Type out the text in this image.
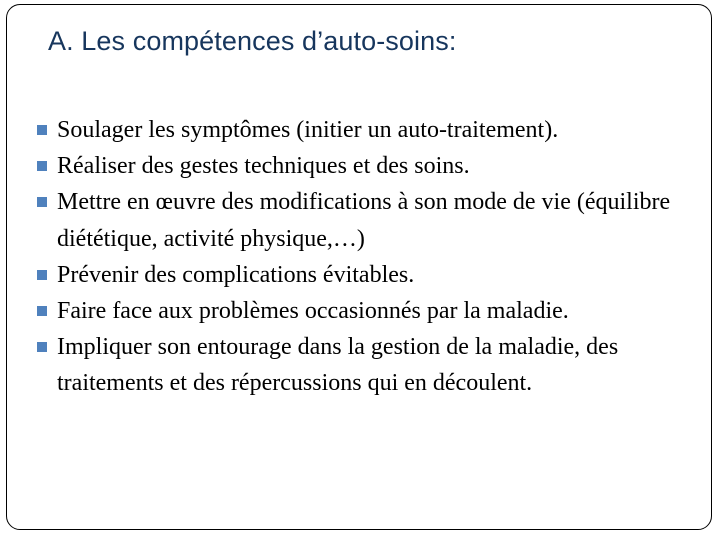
A. Les compétences d’auto-soins:
Soulager les symptômes (initier un auto-traitement).
Réaliser des gestes techniques et des soins.
Mettre en œuvre des modifications à son mode de vie (équilibre diététique, activité physique,…)
Prévenir des complications évitables.
Faire face aux problèmes occasionnés par la maladie.
Impliquer son entourage dans la gestion de la maladie, des traitements et des répercussions qui en découlent.
